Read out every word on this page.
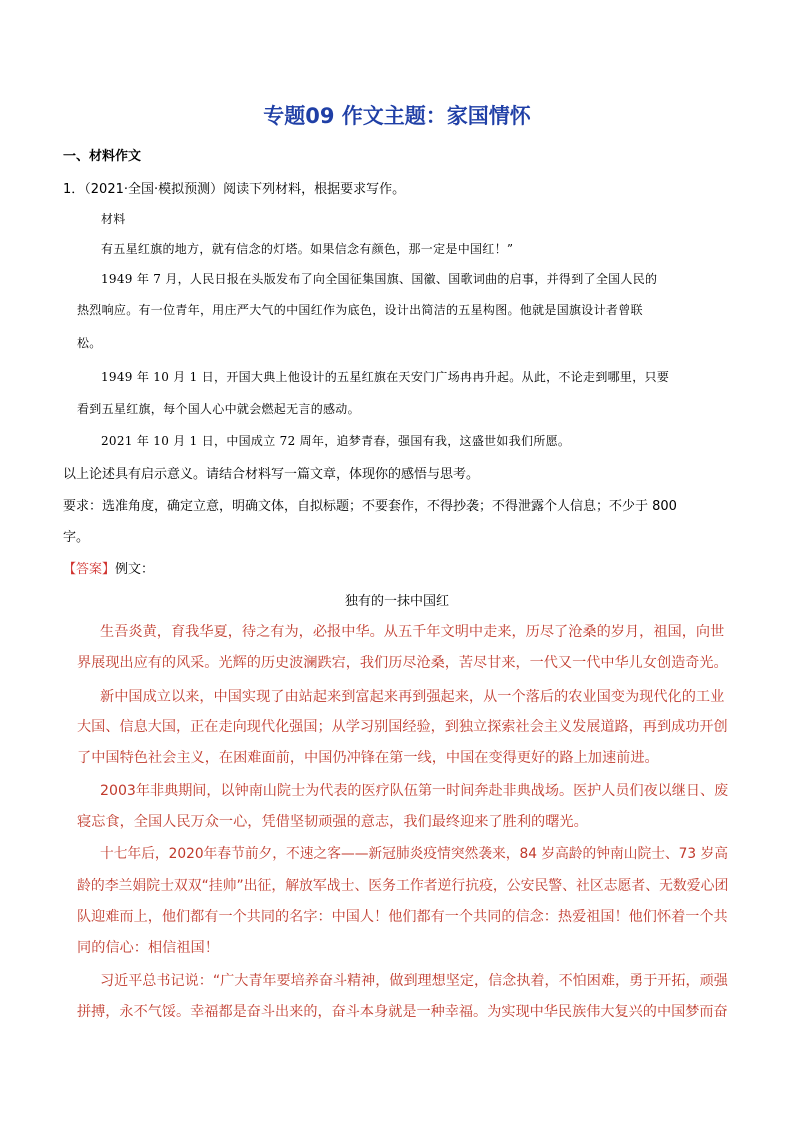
专题09 作文主题：家国情怀
一、材料作文
1．（2021·全国·模拟预测）阅读下列材料，根据要求写作。
材料
有五星红旗的地方，就有信念的灯塔。如果信念有颜色，那一定是中国红！”
1949 年 7 月，人民日报在头版发布了向全国征集国旗、国徽、国歌词曲的启事，并得到了全国人民的
热烈响应。有一位青年，用庄严大气的中国红作为底色，设计出简洁的五星构图。他就是国旗设计者曾联
松。
1949 年 10 月 1 日，开国大典上他设计的五星红旗在天安门广场冉冉升起。从此，不论走到哪里，只要
看到五星红旗，每个国人心中就会燃起无言的感动。
2021 年 10 月 1 日，中国成立 72 周年，追梦青春，强国有我，这盛世如我们所愿。
以上论述具有启示意义。请结合材料写一篇文章，体现你的感悟与思考。
要求：选准角度，确定立意，明确文体，自拟标题；不要套作，不得抄袭；不得泄露个人信息；不少于 800
字。
【答案】例文：
独有的一抹中国红
生吾炎黄，育我华夏，待之有为，必报中华。从五千年文明中走来，历尽了沧桑的岁月，祖国，向世
界展现出应有的风采。光辉的历史波澜跌宕，我们历尽沧桑，苦尽甘来，一代又一代中华儿女创造奇光。
新中国成立以来，中国实现了由站起来到富起来再到强起来，从一个落后的农业国变为现代化的工业
大国、信息大国，正在走向现代化强国；从学习别国经验，到独立探索社会主义发展道路，再到成功开创
了中国特色社会主义，在困难面前，中国仍冲锋在第一线，中国在变得更好的路上加速前进。
2003年非典期间，以钟南山院士为代表的医疗队伍第一时间奔赴非典战场。医护人员们夜以继日、废
寝忘食，全国人民万众一心，凭借坚韧顽强的意志，我们最终迎来了胜利的曙光。
十七年后，2020年春节前夕，不速之客——新冠肺炎疫情突然袭来，84 岁高龄的钟南山院士、73 岁高
龄的李兰娟院士双双“挂帅”出征，解放军战士、医务工作者逆行抗疫，公安民警、社区志愿者、无数爱心团
队迎难而上，他们都有一个共同的名字：中国人！他们都有一个共同的信念：热爱祖国！他们怀着一个共
同的信心：相信祖国！
习近平总书记说：“广大青年要培养奋斗精神，做到理想坚定，信念执着，不怕困难，勇于开拓，顽强
拼搏，永不气馁。幸福都是奋斗出来的，奋斗本身就是一种幸福。为实现中华民族伟大复兴的中国梦而奋
